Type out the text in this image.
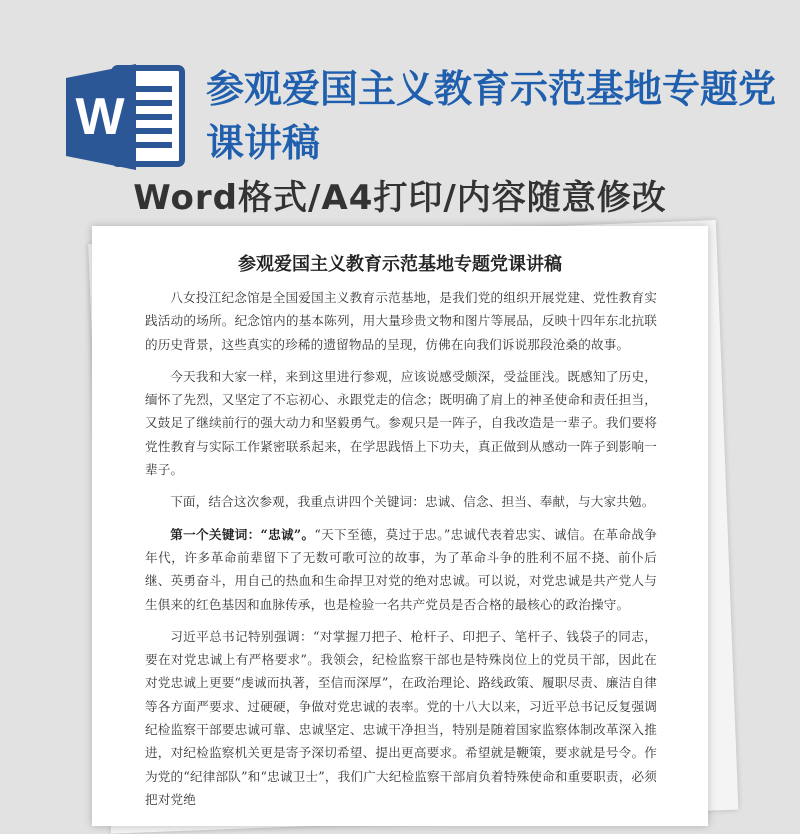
W 参观爱国主义教育示范基地专题党课讲稿
Word格式/A4打印/内容随意修改
参观爱国主义教育示范基地专题党课讲稿

八女投江纪念馆是全国爱国主义教育示范基地，是我们党的组织开展党建、党性教育实践活动的场所。纪念馆内的基本陈列，用大量珍贵文物和图片等展品，反映十四年东北抗联的历史背景，这些真实的珍稀的遗留物品的呈现，仿佛在向我们诉说那段沧桑的故事。

今天我和大家一样，来到这里进行参观，应该说感受颇深，受益匪浅。既感知了历史，缅怀了先烈，又坚定了不忘初心、永跟党走的信念；既明确了肩上的神圣使命和责任担当，又鼓足了继续前行的强大动力和坚毅勇气。参观只是一阵子，自我改造是一辈子。我们要将党性教育与实际工作紧密联系起来，在学思践悟上下功夫，真正做到从感动一阵子到影响一辈子。

下面，结合这次参观，我重点讲四个关键词：忠诚、信念、担当、奉献，与大家共勉。

第一个关键词：“忠诚”。“天下至德，莫过于忠。”忠诚代表着忠实、诚信。在革命战争年代，许多革命前辈留下了无数可歌可泣的故事，为了革命斗争的胜利不屈不挠、前仆后继、英勇奋斗，用自己的热血和生命捍卫对党的绝对忠诚。可以说，对党忠诚是共产党人与生俱来的红色基因和血脉传承，也是检验一名共产党员是否合格的最核心的政治操守。

习近平总书记特别强调：“对掌握刀把子、枪杆子、印把子、笔杆子、钱袋子的同志，要在对党忠诚上有严格要求”。我领会，纪检监察干部也是特殊岗位上的党员干部，因此在对党忠诚上更要“虔诚而执著，至信而深厚”，在政治理论、路线政策、履职尽责、廉洁自律等各方面严要求、过硬硬，争做对党忠诚的表率。党的十八大以来，习近平总书记反复强调纪检监察干部要忠诚可靠、忠诚坚定、忠诚干净担当，特别是随着国家监察体制改革深入推进，对纪检监察机关更是寄予深切希望、提出更高要求。希望就是鞭策，要求就是号令。作为党的“纪律部队”和“忠诚卫士”，我们广大纪检监察干部肩负着特殊使命和重要职责，必须把对党绝
